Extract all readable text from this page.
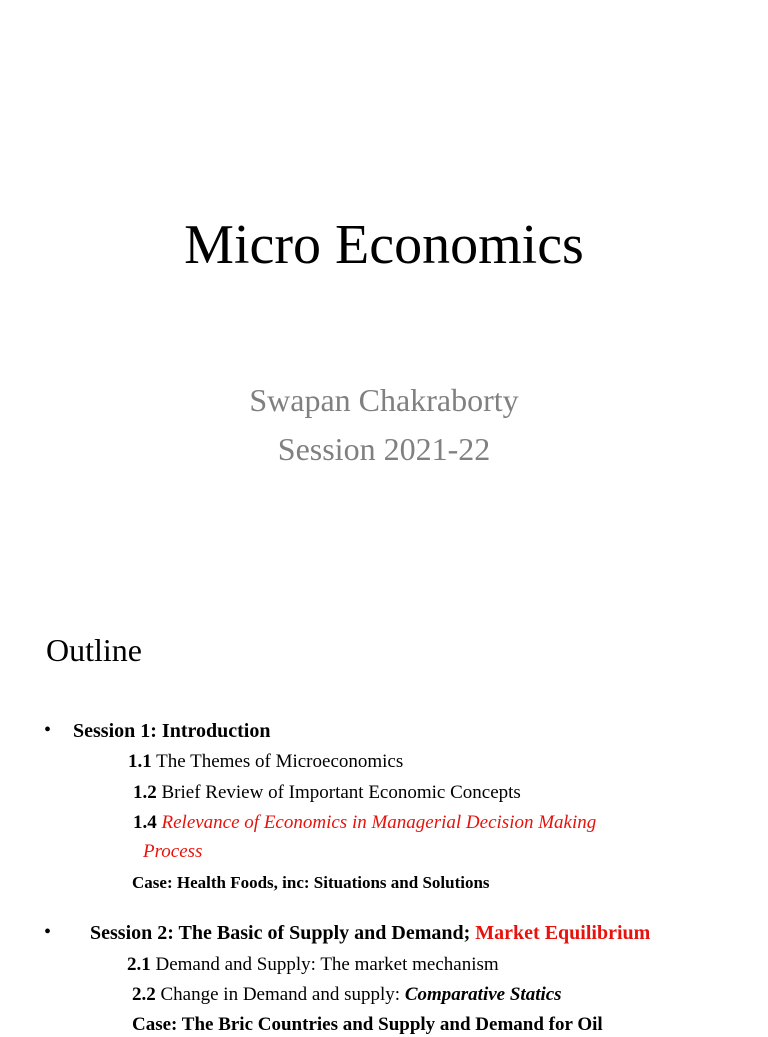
Micro Economics
Swapan Chakraborty
Session 2021-22
Outline
• Session 1: Introduction
1.1 The Themes of Microeconomics
1.2 Brief Review of Important Economic Concepts
1.4 Relevance of Economics in Managerial Decision Making
Process
Case: Health Foods, inc: Situations and Solutions
• Session 2: The Basic of Supply and Demand; Market Equilibrium
2.1 Demand and Supply: The market mechanism
2.2 Change in Demand and supply: Comparative Statics
Case: The Bric Countries and Supply and Demand for Oil
